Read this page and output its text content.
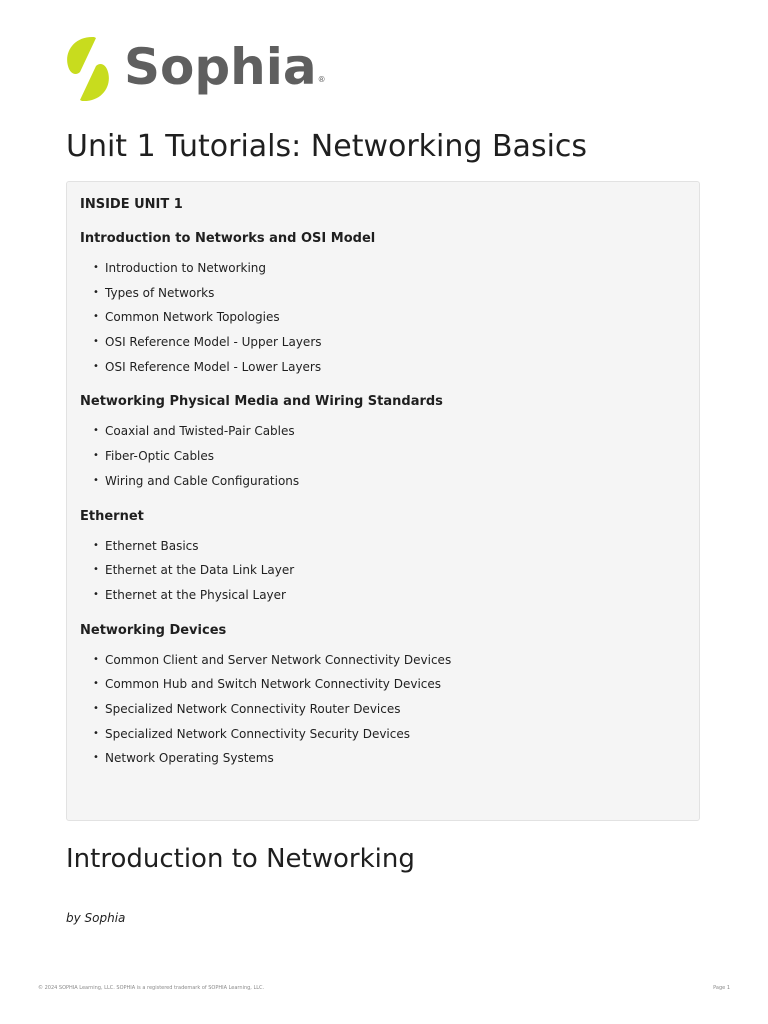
Sophia ®
Unit 1 Tutorials: Networking Basics
INSIDE UNIT 1
Introduction to Networks and OSI Model
• Introduction to Networking
• Types of Networks
• Common Network Topologies
• OSI Reference Model - Upper Layers
• OSI Reference Model - Lower Layers
Networking Physical Media and Wiring Standards
• Coaxial and Twisted-Pair Cables
• Fiber-Optic Cables
• Wiring and Cable Configurations
Ethernet
• Ethernet Basics
• Ethernet at the Data Link Layer
• Ethernet at the Physical Layer
Networking Devices
• Common Client and Server Network Connectivity Devices
• Common Hub and Switch Network Connectivity Devices
• Specialized Network Connectivity Router Devices
• Specialized Network Connectivity Security Devices
• Network Operating Systems
Introduction to Networking
by Sophia
© 2024 SOPHIA Learning, LLC. SOPHIA is a registered trademark of SOPHIA Learning, LLC.	Page 1
